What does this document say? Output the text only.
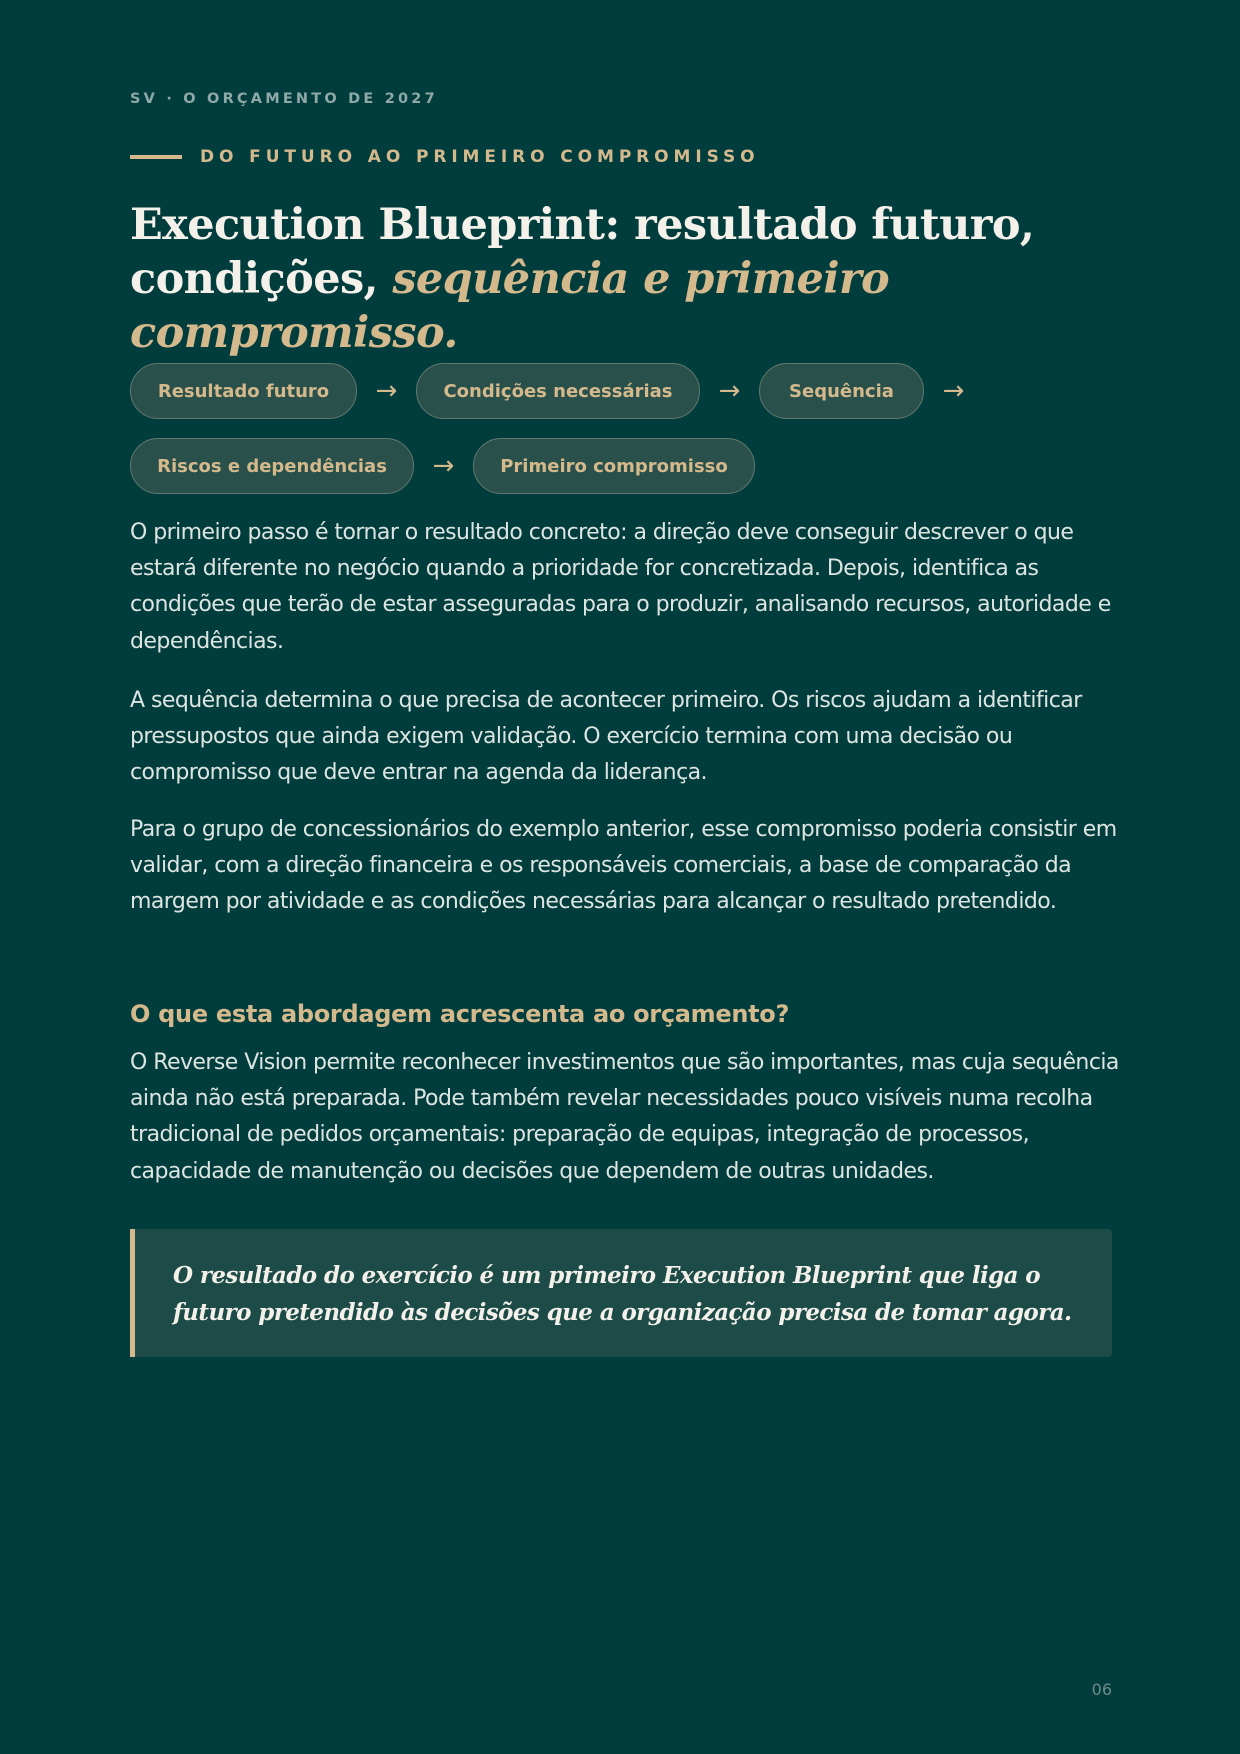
SV · O ORÇAMENTO DE 2027
DO FUTURO AO PRIMEIRO COMPROMISSO
Execution Blueprint: resultado futuro,
condições, sequência e primeiro compromisso.
Resultado futuro	→	Condições necessárias	→	Sequência	→
Riscos e dependências	→	Primeiro compromisso

O primeiro passo é tornar o resultado concreto: a direção deve conseguir descrever o que estará diferente no negócio quando a prioridade for concretizada. Depois, identifica as condições que terão de estar asseguradas para o produzir, analisando recursos, autoridade e dependências.

A sequência determina o que precisa de acontecer primeiro. Os riscos ajudam a identificar pressupostos que ainda exigem validação. O exercício termina com uma decisão ou compromisso que deve entrar na agenda da liderança.

Para o grupo de concessionários do exemplo anterior, esse compromisso poderia consistir em validar, com a direção financeira e os responsáveis comerciais, a base de comparação da margem por atividade e as condições necessárias para alcançar o resultado pretendido.

O que esta abordagem acrescenta ao orçamento?

O Reverse Vision permite reconhecer investimentos que são importantes, mas cuja sequência ainda não está preparada. Pode também revelar necessidades pouco visíveis numa recolha tradicional de pedidos orçamentais: preparação de equipas, integração de processos, capacidade de manutenção ou decisões que dependem de outras unidades.

O resultado do exercício é um primeiro Execution Blueprint que liga o futuro pretendido às decisões que a organização precisa de tomar agora.

06
